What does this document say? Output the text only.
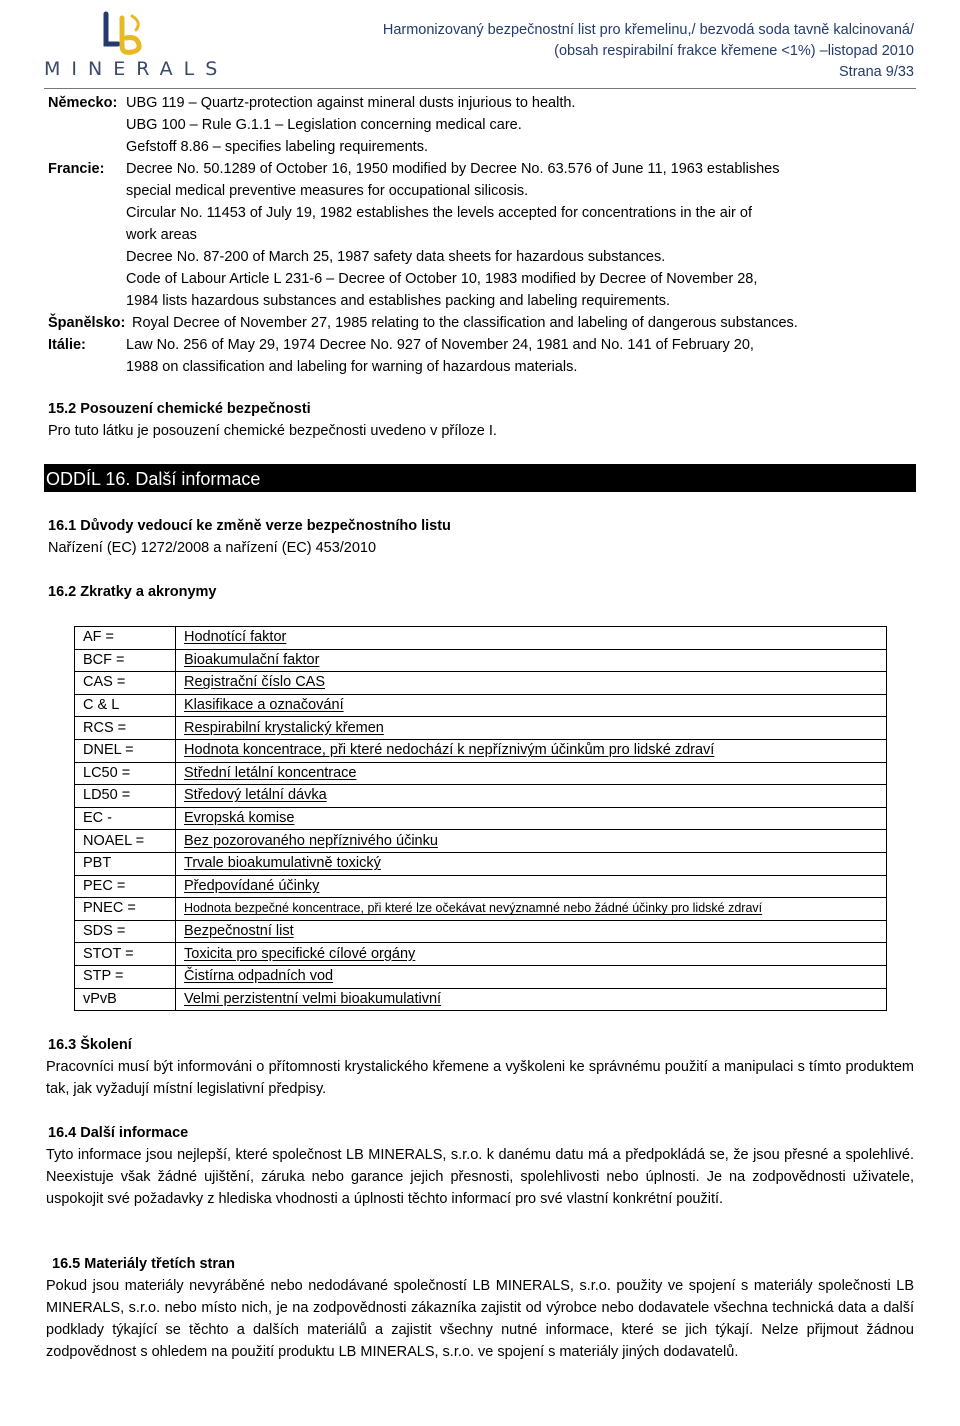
MINERALS
Harmonizovaný bezpečnostní list pro křemelinu,/ bezvodá soda tavně kalcinovaná/
(obsah respirabilní frakce křemene <1%) –listopad 2010
Strana 9/33
Německo: UBG 119 – Quartz-protection against mineral dusts injurious to health.
UBG 100 – Rule G.1.1 – Legislation concerning medical care.
Gefstoff 8.86 – specifies labeling requirements.
Francie: Decree No. 50.1289 of October 16, 1950 modified by Decree No. 63.576 of June 11, 1963 establishes
special medical preventive measures for occupational silicosis.
Circular No. 11453 of July 19, 1982 establishes the levels accepted for concentrations in the air of
work areas
Decree No. 87-200 of March 25, 1987 safety data sheets for hazardous substances.
Code of Labour Article L 231-6 – Decree of October 10, 1983 modified by Decree of November 28,
1984 lists hazardous substances and establishes packing and labeling requirements.
Španělsko: Royal Decree of November 27, 1985 relating to the classification and labeling of dangerous substances.
Itálie:	Law No. 256 of May 29, 1974 Decree No. 927 of November 24, 1981 and No. 141 of February 20,
1988 on classification and labeling for warning of hazardous materials.
15.2 Posouzení chemické bezpečnosti
Pro tuto látku je posouzení chemické bezpečnosti uvedeno v příloze I.
ODDÍL 16. Další informace
16.1 Důvody vedoucí ke změně verze bezpečnostního listu
Nařízení (EC) 1272/2008 a nařízení (EC) 453/2010
16.2 Zkratky a akronymy
AF =	Hodnotící faktor
BCF =	Bioakumulační faktor
CAS =	Registrační číslo CAS
C & L	Klasifikace a označování
RCS =	Respirabilní krystalický křemen
DNEL =	Hodnota koncentrace, při které nedochází k nepříznivým účinkům pro lidské zdraví
LC50 =	Střední letální koncentrace
LD50 =	Středový letální dávka
EC -	Evropská komise
NOAEL =	Bez pozorovaného nepříznivého účinku
PBT	Trvale bioakumulativně toxický
PEC =	Předpovídané účinky
PNEC =	Hodnota bezpečné koncentrace, při které lze očekávat nevýznamné nebo žádné účinky pro lidské zdraví
SDS =	Bezpečnostní list
STOT =	Toxicita pro specifické cílové orgány
STP =	Čistírna odpadních vod
vPvB	Velmi perzistentní velmi bioakumulativní
16.3 Školení
Pracovníci musí být informováni o přítomnosti krystalického křemene a vyškoleni ke správnému použití a manipulaci s tímto produktem tak, jak vyžadují místní legislativní předpisy.
16.4 Další informace
Tyto informace jsou nejlepší, které společnost LB MINERALS, s.r.o. k danému datu má a předpokládá se, že jsou přesné a spolehlivé. Neexistuje však žádné ujištění, záruka nebo garance jejich přesnosti, spolehlivosti nebo úplnosti. Je na zodpovědnosti uživatele, uspokojit své požadavky z hlediska vhodnosti a úplnosti těchto informací pro své vlastní konkrétní použití.
16.5 Materiály třetích stran
Pokud jsou materiály nevyráběné nebo nedodávané společností LB MINERALS, s.r.o. použity ve spojení s materiály společnosti LB MINERALS, s.r.o. nebo místo nich, je na zodpovědnosti zákazníka zajistit od výrobce nebo dodavatele všechna technická data a další podklady týkající se těchto a dalších materiálů a zajistit všechny nutné informace, které se jich týkají. Nelze přijmout žádnou zodpovědnost s ohledem na použití produktu LB MINERALS, s.r.o. ve spojení s materiály jiných dodavatelů.
